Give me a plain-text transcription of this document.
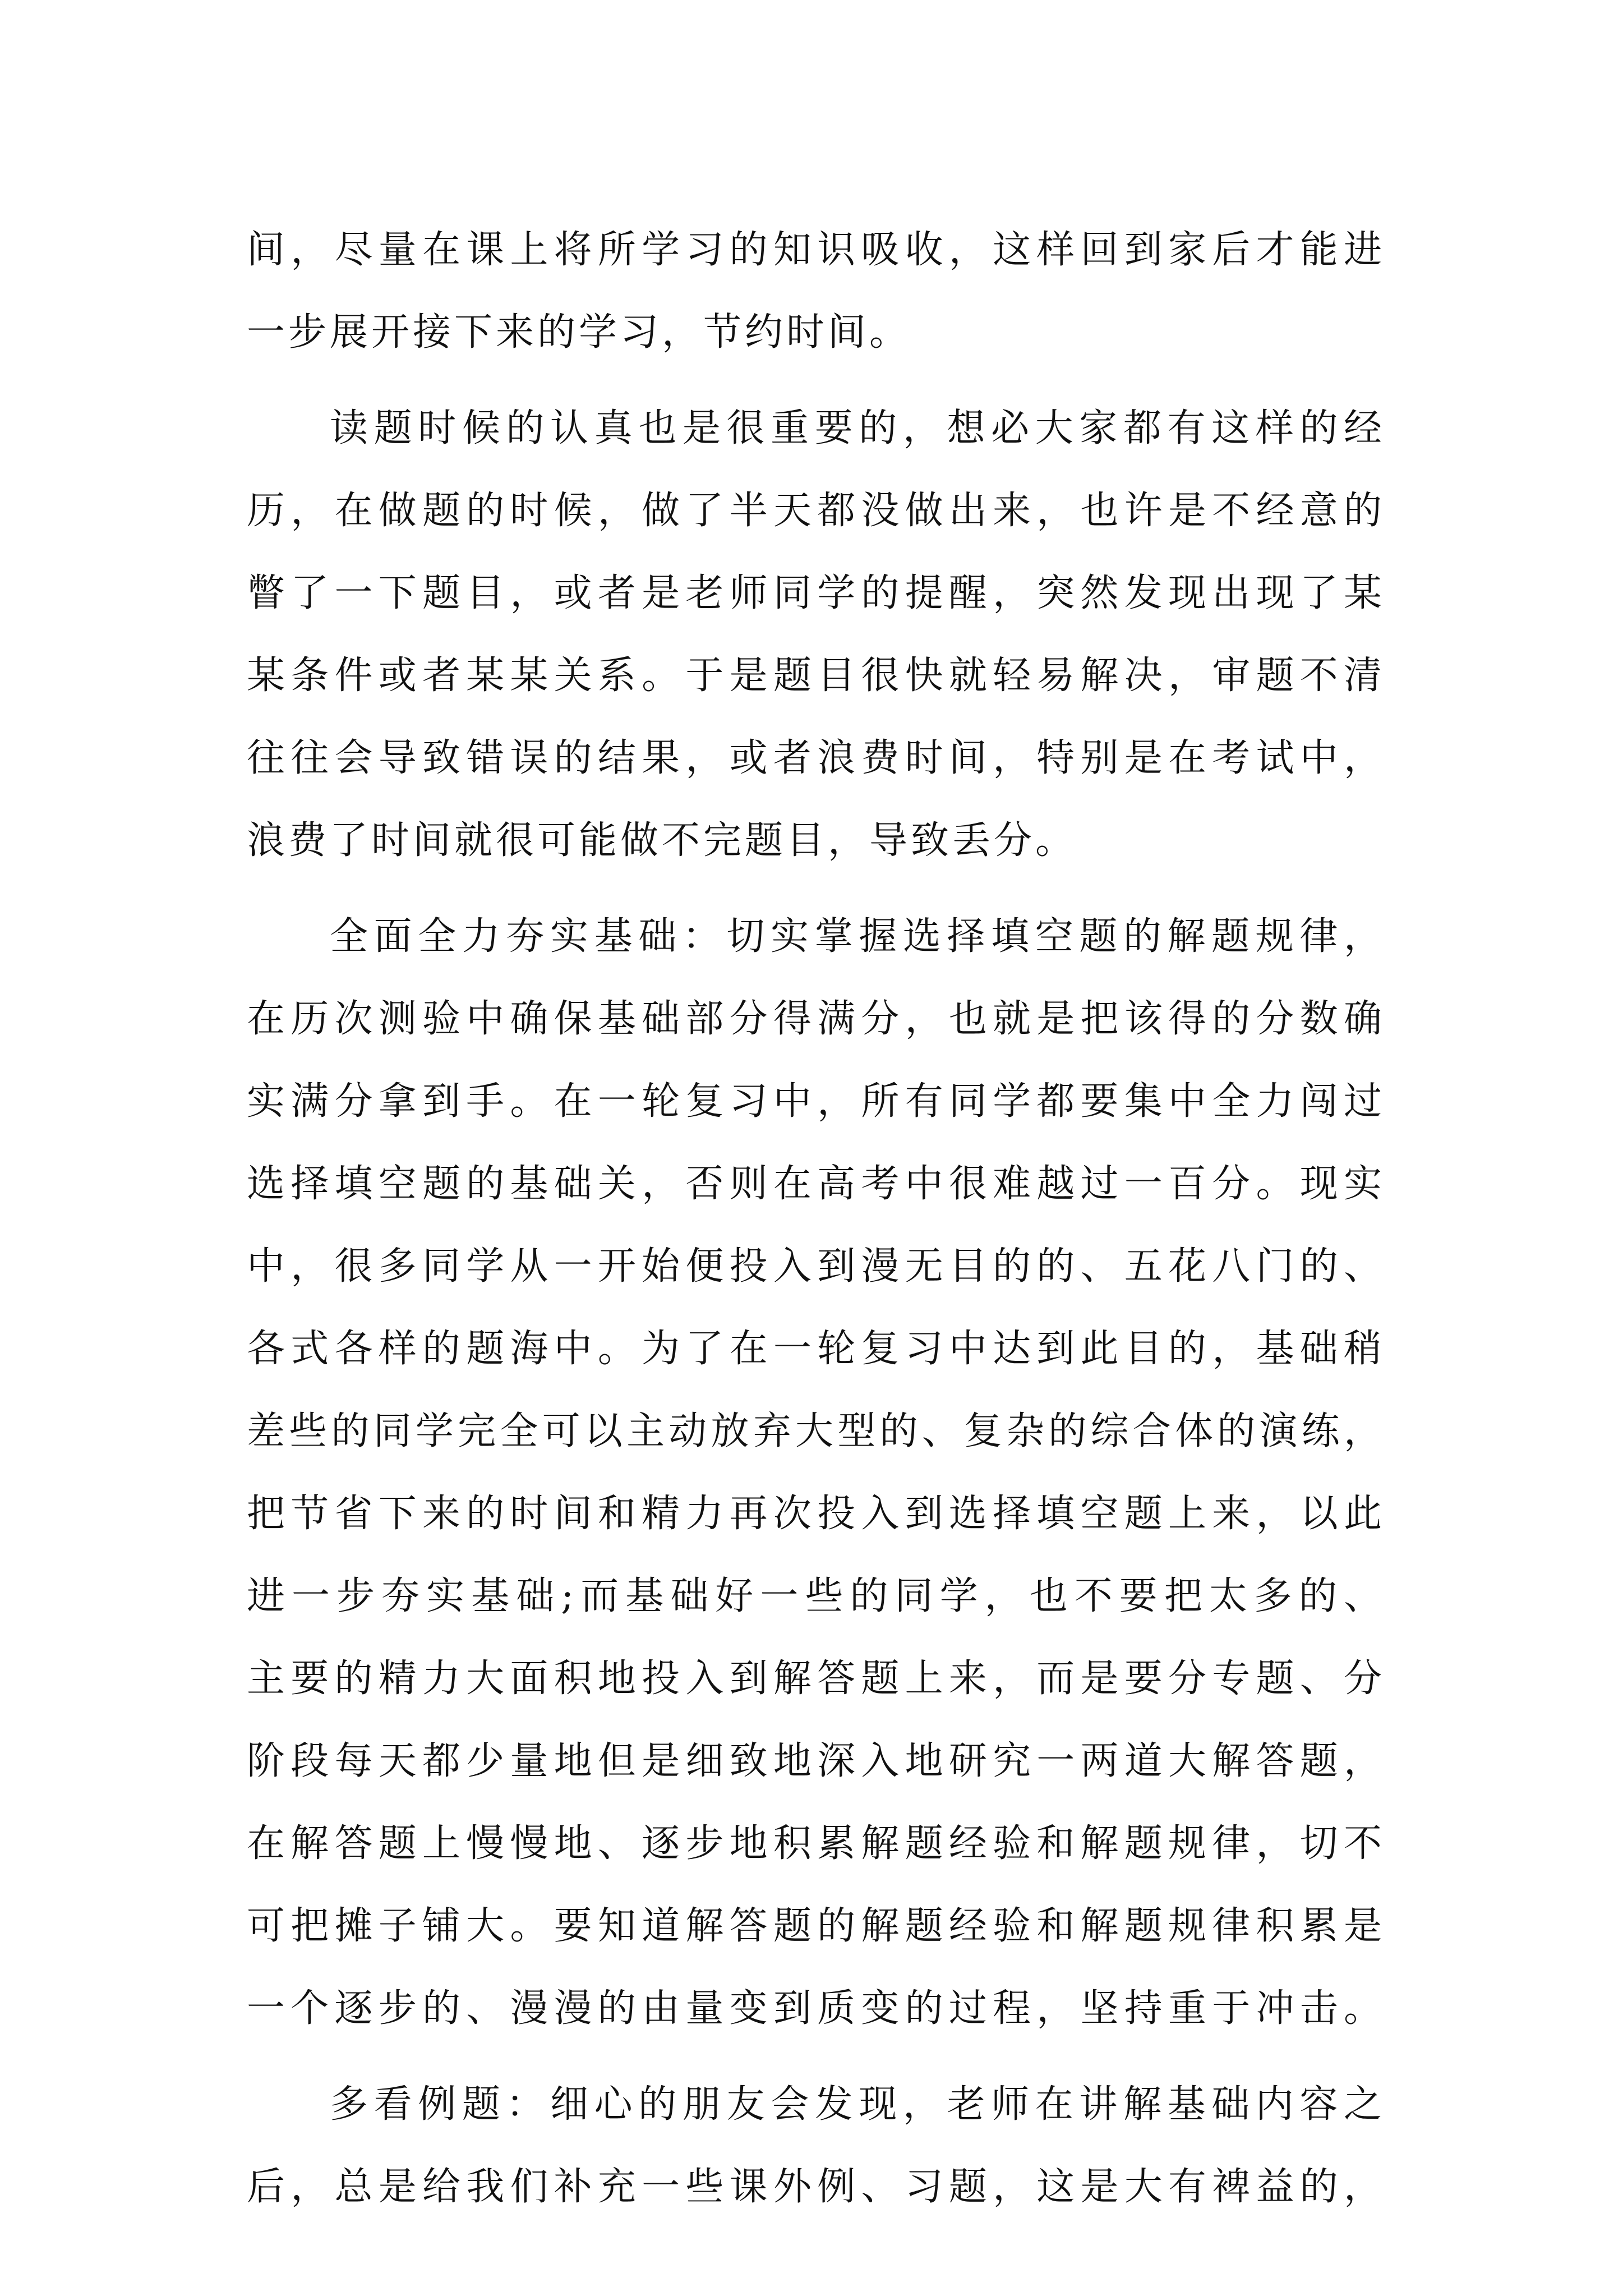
间，尽量在课上将所学习的知识吸收，这样回到家后才能进
一步展开接下来的学习，节约时间。
读题时候的认真也是很重要的，想必大家都有这样的经
历，在做题的时候，做了半天都没做出来，也许是不经意的
瞥了一下题目，或者是老师同学的提醒，突然发现出现了某
某条件或者某某关系。于是题目很快就轻易解决，审题不清
往往会导致错误的结果，或者浪费时间，特别是在考试中，
浪费了时间就很可能做不完题目，导致丢分。
全面全力夯实基础：切实掌握选择填空题的解题规律，
在历次测验中确保基础部分得满分，也就是把该得的分数确
实满分拿到手。在一轮复习中，所有同学都要集中全力闯过
选择填空题的基础关，否则在高考中很难越过一百分。现实
中，很多同学从一开始便投入到漫无目的的、五花八门的、
各式各样的题海中。为了在一轮复习中达到此目的，基础稍
差些的同学完全可以主动放弃大型的、复杂的综合体的演练，
把节省下来的时间和精力再次投入到选择填空题上来，以此
进一步夯实基础;而基础好一些的同学，也不要把太多的、
主要的精力大面积地投入到解答题上来，而是要分专题、分
阶段每天都少量地但是细致地深入地研究一两道大解答题，
在解答题上慢慢地、逐步地积累解题经验和解题规律，切不
可把摊子铺大。要知道解答题的解题经验和解题规律积累是
一个逐步的、漫漫的由量变到质变的过程，坚持重于冲击。
多看例题：细心的朋友会发现，老师在讲解基础内容之
后，总是给我们补充一些课外例、习题，这是大有裨益的，
